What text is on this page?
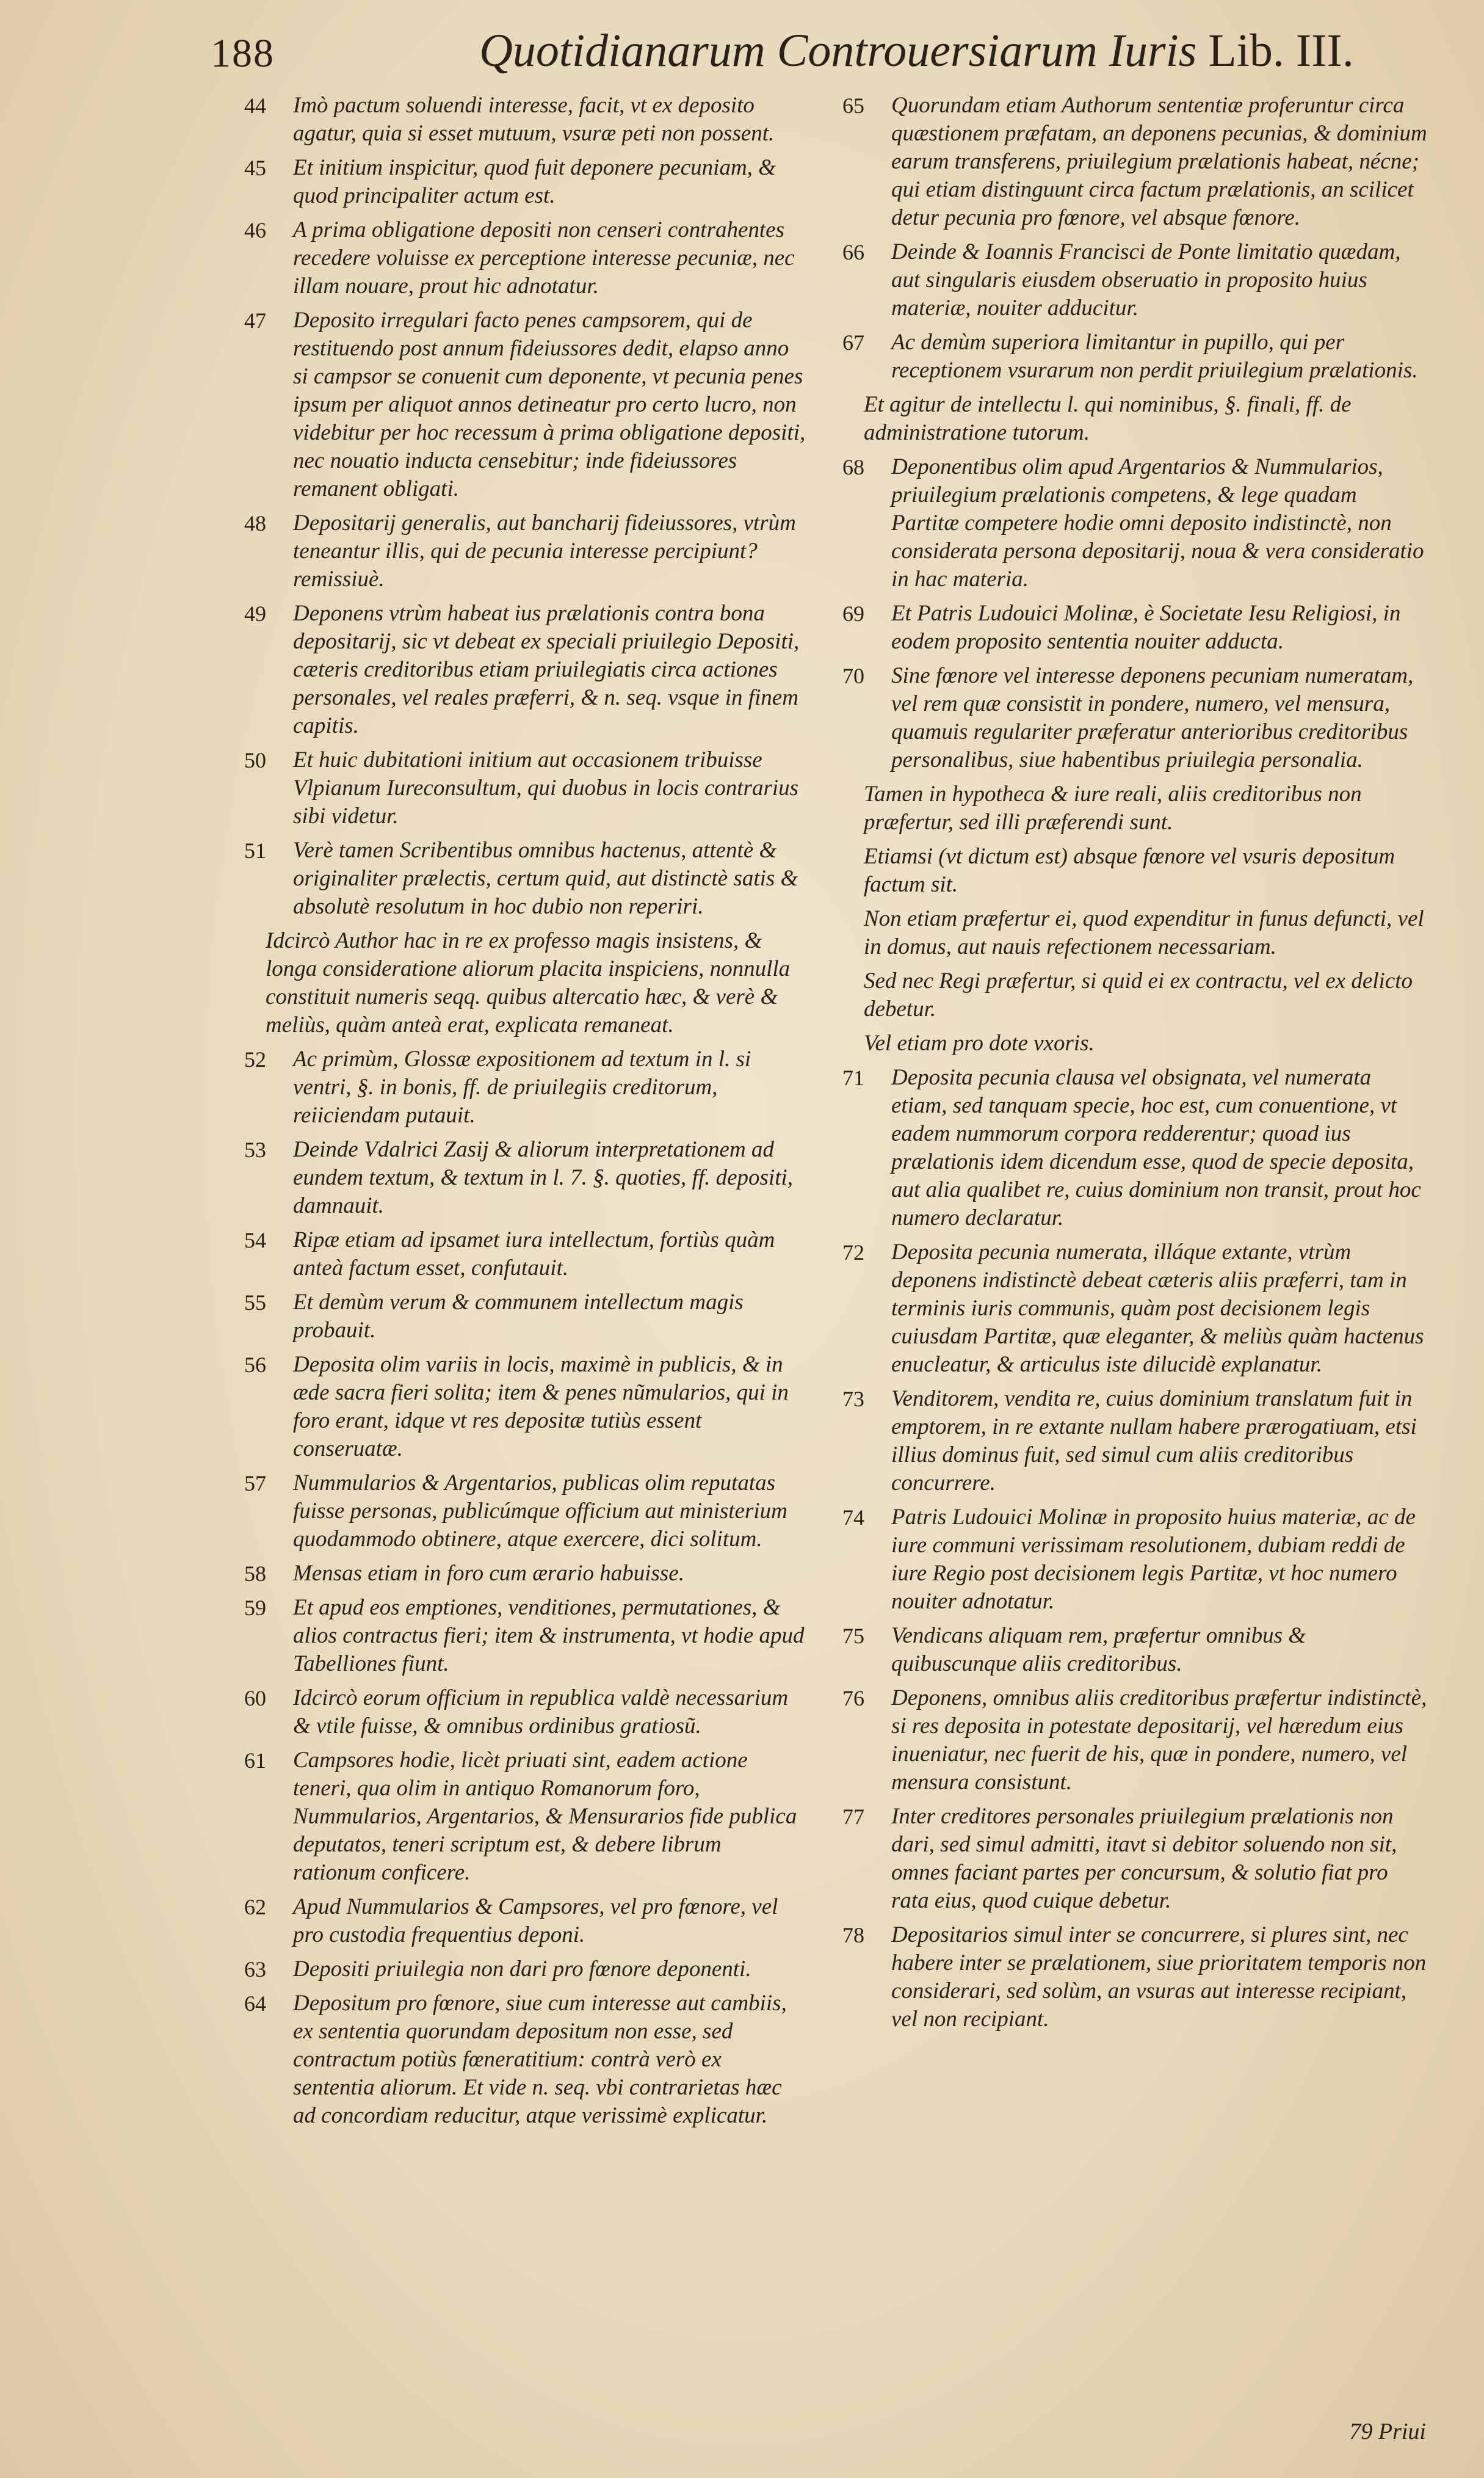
188	Quotidianarum Controuersiarum Iuris Lib. III.
44	Imò pactum soluendi interesse, facit, vt ex deposito agatur, quia si esset mutuum, vsuræ peti non possent.
45	Et initium inspicitur, quod fuit deponere pecuniam, & quod principaliter actum est.
46	A prima obligatione depositi non censeri contrahentes recedere voluisse ex perceptione interesse pecuniæ, nec illam nouare, prout hic adnotatur.
47	Deposito irregulari facto penes campsorem, qui de restituendo post annum fideiussores dedit, elapso anno si campsor se conuenit cum deponente, vt pecunia penes ipsum per aliquot annos detineatur pro certo lucro, non videbitur per hoc recessum à prima obligatione depositi, nec nouatio inducta censebitur; inde fideiussores remanent obligati.
48	Depositarij generalis, aut bancharij fideiussores, vtrùm teneantur illis, qui de pecunia interesse percipiunt? remissiuè.
49	Deponens vtrùm habeat ius prælationis contra bona depositarij, sic vt debeat ex speciali priuilegio Depositi, cæteris creditoribus etiam priuilegiatis circa actiones personales, vel reales præferri, & n. seq. vsque in finem capitis.
50	Et huic dubitationi initium aut occasionem tribuisse Vlpianum Iureconsultum, qui duobus in locis contrarius sibi videtur.
51	Verè tamen Scribentibus omnibus hactenus, attentè & originaliter prælectis, certum quid, aut distinctè satis & absolutè resolutum in hoc dubio non reperiri.
Idcircò Author hac in re ex professo magis insistens, & longa consideratione aliorum placita inspiciens, nonnulla constituit numeris seqq. quibus altercatio hæc, & verè & meliùs, quàm anteà erat, explicata remaneat.
52	Ac primùm, Glossæ expositionem ad textum in l. si ventri, §. in bonis, ff. de priuilegiis creditorum, reiiciendam putauit.
53	Deinde Vdalrici Zasij & aliorum interpretationem ad eundem textum, & textum in l. 7. §. quoties, ff. depositi, damnauit.
54	Ripæ etiam ad ipsamet iura intellectum, fortiùs quàm anteà factum esset, confutauit.
55	Et demùm verum & communem intellectum magis probauit.
56	Deposita olim variis in locis, maximè in publicis, & in æde sacra fieri solita; item & penes nũmularios, qui in foro erant, idque vt res depositæ tutiùs essent conseruatæ.
57	Nummularios & Argentarios, publicas olim reputatas fuisse personas, publicúmque officium aut ministerium quodammodo obtinere, atque exercere, dici solitum.
58	Mensas etiam in foro cum ærario habuisse.
59	Et apud eos emptiones, venditiones, permutationes, & alios contractus fieri; item & instrumenta, vt hodie apud Tabelliones fiunt.
60	Idcircò eorum officium in republica valdè necessarium & vtile fuisse, & omnibus ordinibus gratiosũ.
61	Campsores hodie, licèt priuati sint, eadem actione teneri, qua olim in antiquo Romanorum foro, Nummularios, Argentarios, & Mensurarios fide publica deputatos, teneri scriptum est, & debere librum rationum conficere.
62	Apud Nummularios & Campsores, vel pro fœnore, vel pro custodia frequentius deponi.
63	Depositi priuilegia non dari pro fœnore deponenti.
64	Depositum pro fœnore, siue cum interesse aut cambiis, ex sententia quorundam depositum non esse, sed contractum potiùs fœneratitium: contrà verò ex sententia aliorum. Et vide n. seq. vbi contrarietas hæc ad concordiam reducitur, atque verissimè explicatur.
65	Quorundam etiam Authorum sententiæ proferuntur circa quæstionem præfatam, an deponens pecunias, & dominium earum transferens, priuilegium prælationis habeat, nécne; qui etiam distinguunt circa factum prælationis, an scilicet detur pecunia pro fœnore, vel absque fœnore.
66	Deinde & Ioannis Francisci de Ponte limitatio quædam, aut singularis eiusdem obseruatio in proposito huius materiæ, nouiter adducitur.
67	Ac demùm superiora limitantur in pupillo, qui per receptionem vsurarum non perdit priuilegium prælationis.
Et agitur de intellectu l. qui nominibus, §. finali, ff. de administratione tutorum.
68	Deponentibus olim apud Argentarios & Nummularios, priuilegium prælationis competens, & lege quadam Partitæ competere hodie omni deposito indistinctè, non considerata persona depositarij, noua & vera consideratio in hac materia.
69	Et Patris Ludouici Molinæ, è Societate Iesu Religiosi, in eodem proposito sententia nouiter adducta.
70	Sine fœnore vel interesse deponens pecuniam numeratam, vel rem quæ consistit in pondere, numero, vel mensura, quamuis regulariter præferatur anterioribus creditoribus personalibus, siue habentibus priuilegia personalia.
Tamen in hypotheca & iure reali, aliis creditoribus non præfertur, sed illi præferendi sunt.
Etiamsi (vt dictum est) absque fœnore vel vsuris depositum factum sit.
Non etiam præfertur ei, quod expenditur in funus defuncti, vel in domus, aut nauis refectionem necessariam.
Sed nec Regi præfertur, si quid ei ex contractu, vel ex delicto debetur.
Vel etiam pro dote vxoris.
71	Deposita pecunia clausa vel obsignata, vel numerata etiam, sed tanquam specie, hoc est, cum conuentione, vt eadem nummorum corpora redderentur; quoad ius prælationis idem dicendum esse, quod de specie deposita, aut alia qualibet re, cuius dominium non transit, prout hoc numero declaratur.
72	Deposita pecunia numerata, illáque extante, vtrùm deponens indistinctè debeat cæteris aliis præferri, tam in terminis iuris communis, quàm post decisionem legis cuiusdam Partitæ, quæ eleganter, & meliùs quàm hactenus enucleatur, & articulus iste dilucidè explanatur.
73	Venditorem, vendita re, cuius dominium translatum fuit in emptorem, in re extante nullam habere prærogatiuam, etsi illius dominus fuit, sed simul cum aliis creditoribus concurrere.
74	Patris Ludouici Molinæ in proposito huius materiæ, ac de iure communi verissimam resolutionem, dubiam reddi de iure Regio post decisionem legis Partitæ, vt hoc numero nouiter adnotatur.
75	Vendicans aliquam rem, præfertur omnibus & quibuscunque aliis creditoribus.
76	Deponens, omnibus aliis creditoribus præfertur indistinctè, si res deposita in potestate depositarij, vel hæredum eius inueniatur, nec fuerit de his, quæ in pondere, numero, vel mensura consistunt.
77	Inter creditores personales priuilegium prælationis non dari, sed simul admitti, itavt si debitor soluendo non sit, omnes faciant partes per concursum, & solutio fiat pro rata eius, quod cuique debetur.
78	Depositarios simul inter se concurrere, si plures sint, nec habere inter se prælationem, siue prioritatem temporis non considerari, sed solùm, an vsuras aut interesse recipiant, vel non recipiant.
79 Priui
